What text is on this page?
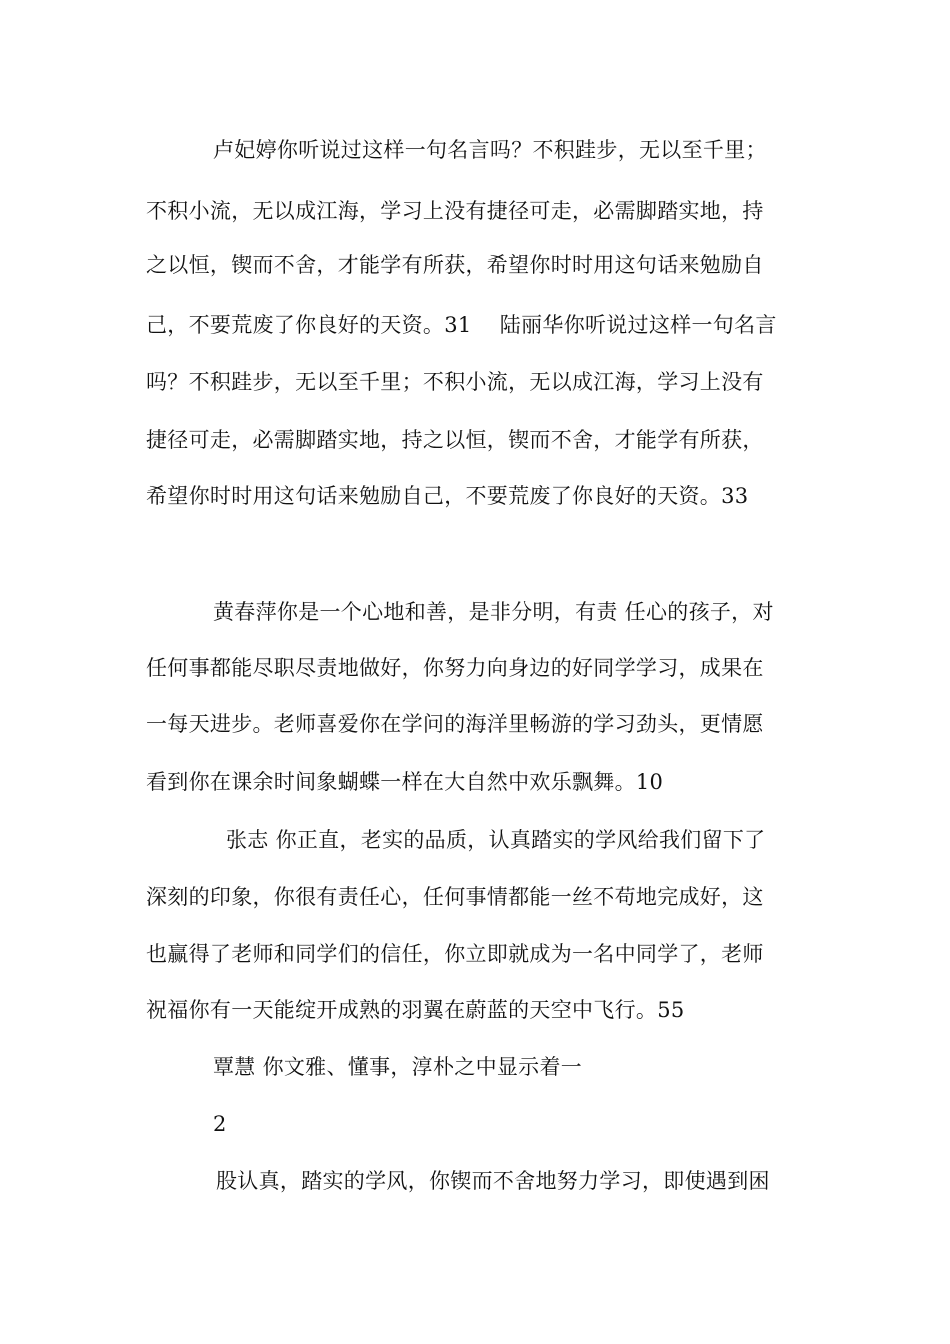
卢妃婷你听说过这样一句名言吗？不积跬步，无以至千里；
不积小流，无以成江海，学习上没有捷径可走，必需脚踏实地，持
之以恒，锲而不舍，才能学有所获，希望你时时用这句话来勉励自
己，不要荒废了你良好的天资。31　 陆丽华你听说过这样一句名言
吗？不积跬步，无以至千里；不积小流，无以成江海，学习上没有
捷径可走，必需脚踏实地，持之以恒，锲而不舍，才能学有所获，
希望你时时用这句话来勉励自己，不要荒废了你良好的天资。33
黄春萍你是一个心地和善，是非分明，有责 任心的孩子，对
任何事都能尽职尽责地做好，你努力向身边的好同学学习，成果在
一每天进步。老师喜爱你在学问的海洋里畅游的学习劲头，更情愿
看到你在课余时间象蝴蝶一样在大自然中欢乐飘舞。10
张志 你正直，老实的品质，认真踏实的学风给我们留下了
深刻的印象，你很有责任心，任何事情都能一丝不苟地完成好，这
也赢得了老师和同学们的信任，你立即就成为一名中同学了，老师
祝福你有一天能绽开成熟的羽翼在蔚蓝的天空中飞行。55
覃慧 你文雅、懂事，淳朴之中显示着一
2
股认真，踏实的学风，你锲而不舍地努力学习，即使遇到困
